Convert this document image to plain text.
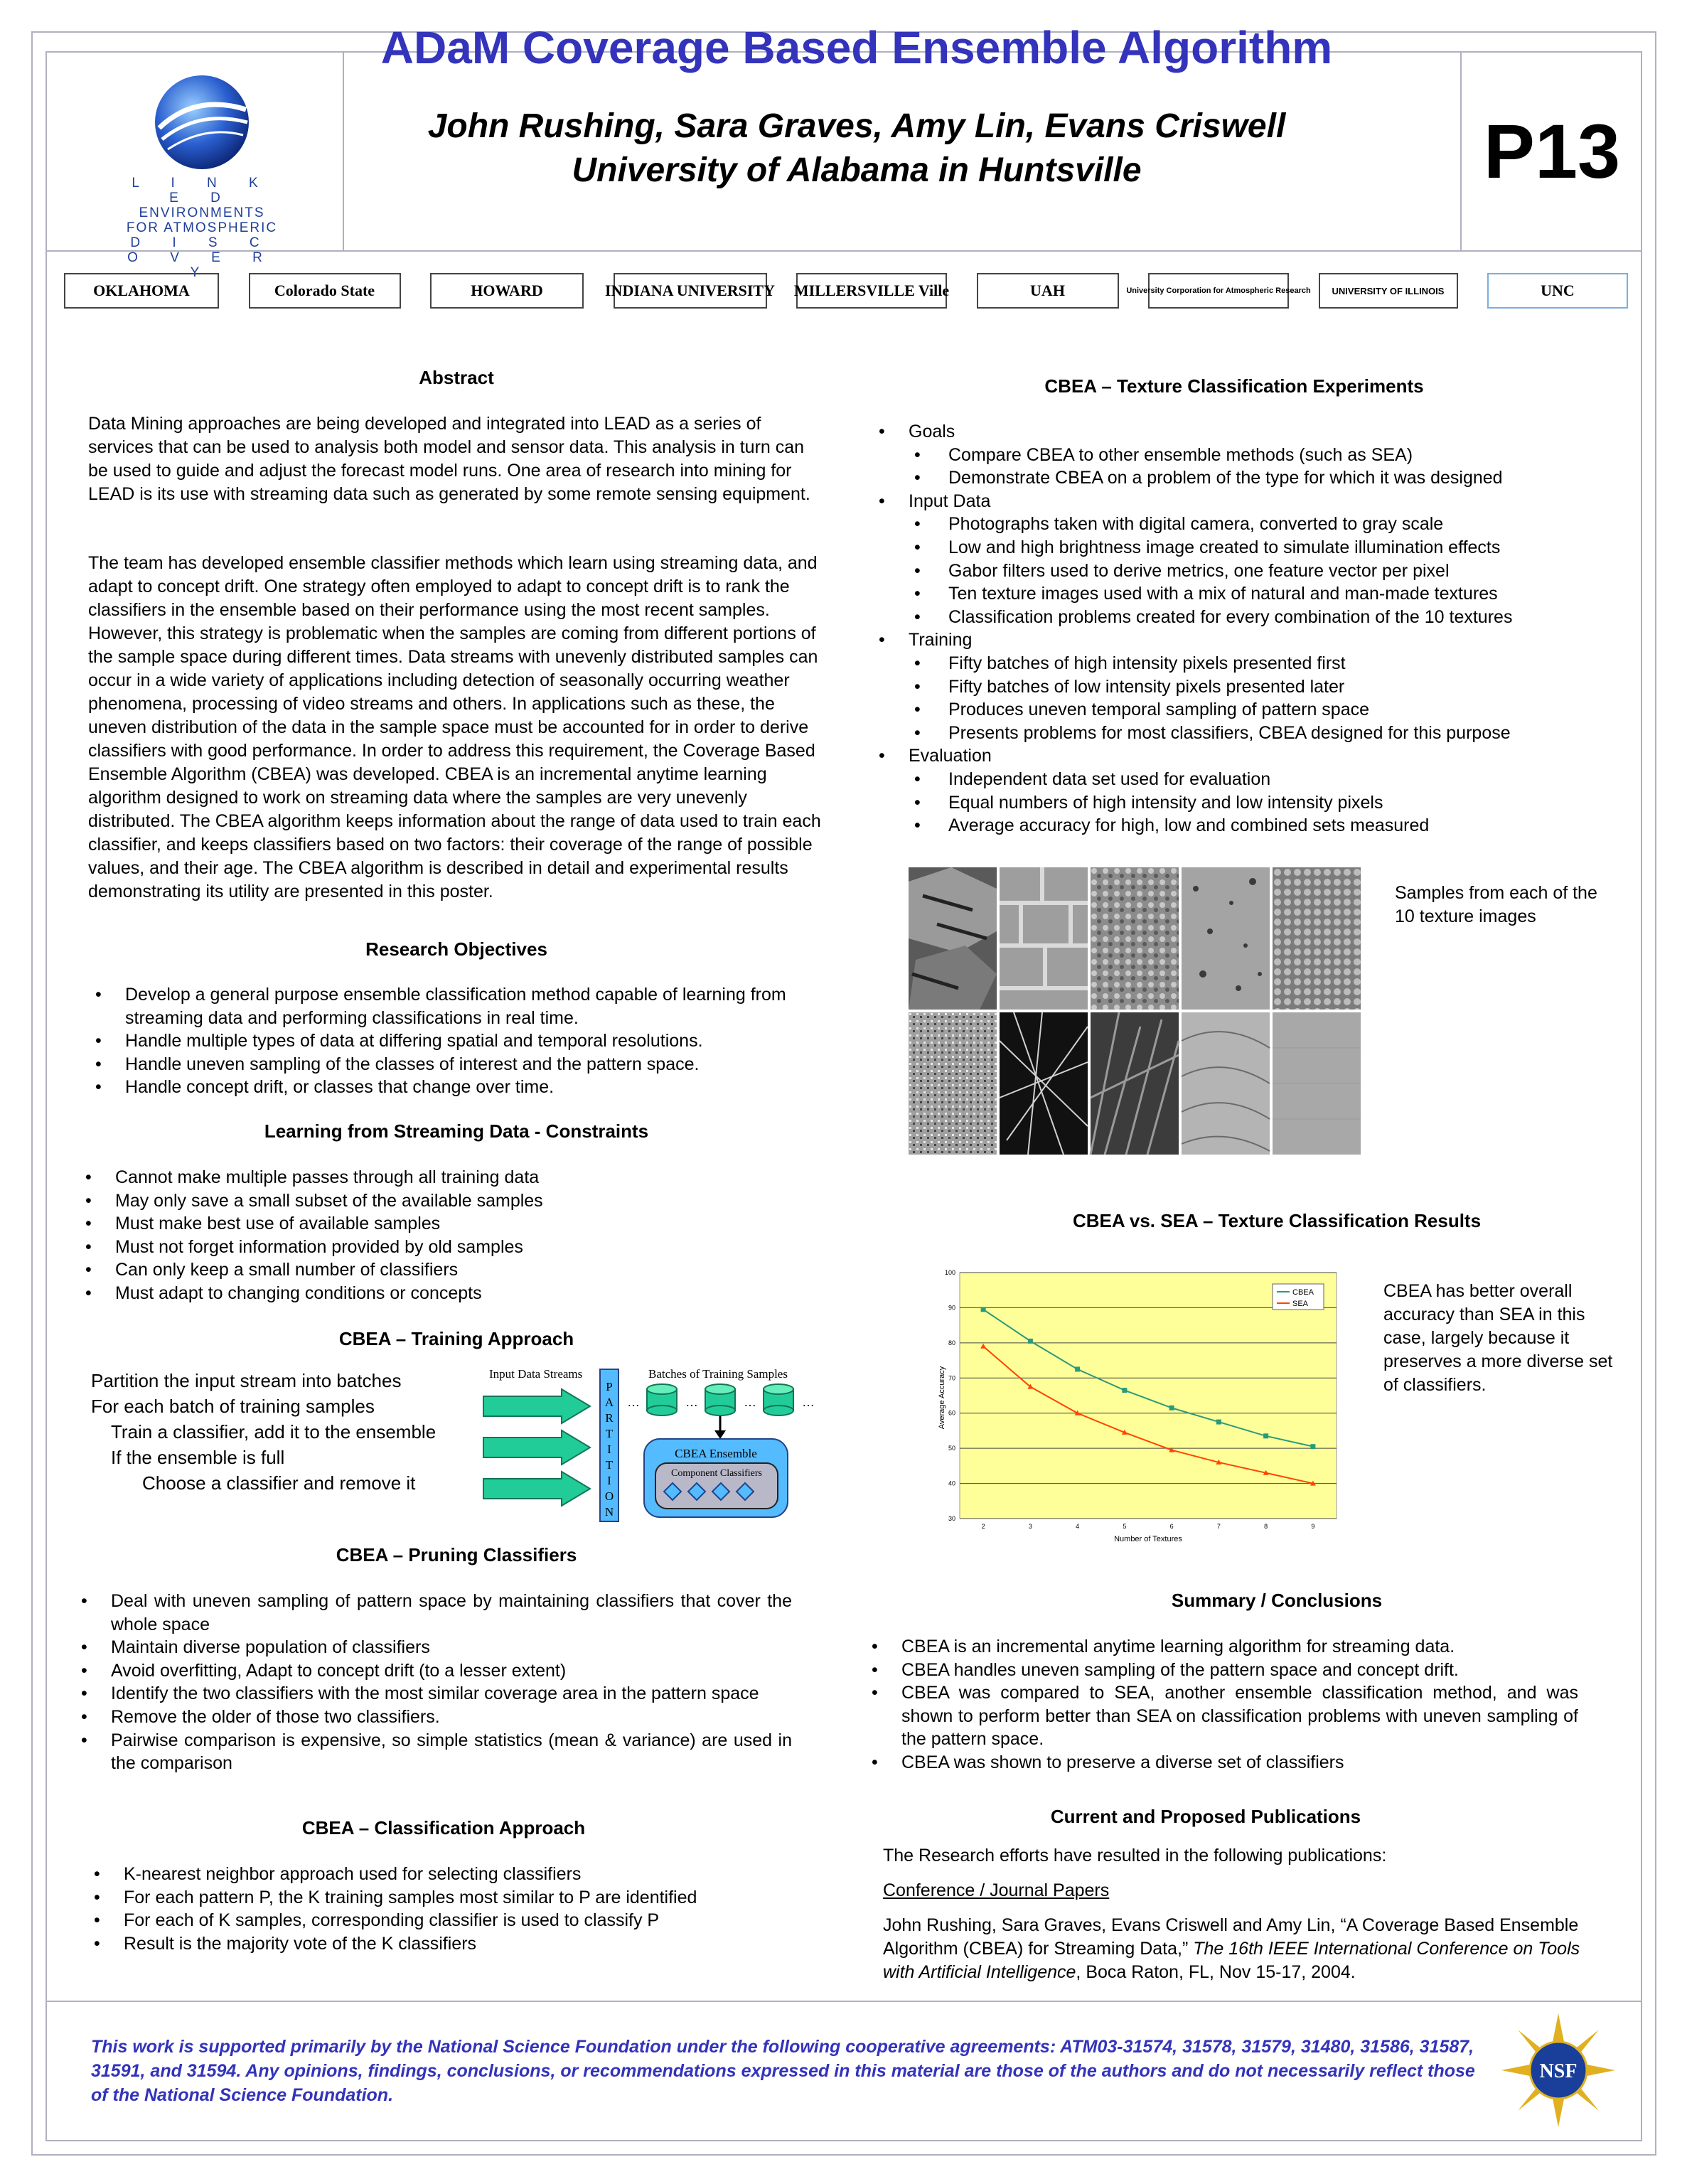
L I N K E D
ENVIRONMENTS
FOR ATMOSPHERIC
D I S C O V E R Y
P13
ADaM Coverage Based Ensemble Algorithm
John Rushing, Sara Graves, Amy Lin, Evans Criswell
University of Alabama in Huntsville
OKLAHOMA	Colorado State	HOWARD	INDIANA UNIVERSITY MILLERSVILLE Ville	UAH	University Corporation for Atmospheric Research	UNIVERSITY OF ILLINOIS	UNC
Abstract
Data Mining approaches are being developed and integrated into LEAD as a series of services that can be used to analysis both model and sensor data. This analysis in turn can be used to guide and adjust the forecast model runs. One area of research into mining for LEAD is its use with streaming data such as generated by some remote sensing equipment.
The team has developed ensemble classifier methods which learn using streaming data, and adapt to concept drift. One strategy often employed to adapt to concept drift is to rank the classifiers in the ensemble based on their performance using the most recent samples. However, this strategy is problematic when the samples are coming from different portions of the sample space during different times. Data streams with unevenly distributed samples can occur in a wide variety of applications including detection of seasonally occurring weather phenomena, processing of video streams and others. In applications such as these, the uneven distribution of the data in the sample space must be accounted for in order to derive classifiers with good performance. In order to address this requirement, the Coverage Based Ensemble Algorithm (CBEA) was developed. CBEA is an incremental anytime learning algorithm designed to work on streaming data where the samples are very unevenly distributed. The CBEA algorithm keeps information about the range of data used to train each classifier, and keeps classifiers based on two factors: their coverage of the range of possible values, and their age. The CBEA algorithm is described in detail and experimental results demonstrating its utility are presented in this poster.
Research Objectives
• Develop a general purpose ensemble classification method capable of learning from streaming data and performing classifications in real time.
• Handle multiple types of data at differing spatial and temporal resolutions.
• Handle uneven sampling of the classes of interest and the pattern space.
• Handle concept drift, or classes that change over time.
Learning from Streaming Data - Constraints
• Cannot make multiple passes through all training data
• May only save a small subset of the available samples
• Must make best use of available samples
• Must not forget information provided by old samples
• Can only keep a small number of classifiers
• Must adapt to changing conditions or concepts
CBEA – Training Approach
Partition the input stream into batches
For each batch of training samples
Train a classifier, add it to the ensemble
If the ensemble is full
Choose a classifier and remove it
Input Data Streams	Batches of Training Samples
P
A
R
T
I
T
I
O
N
…	…	…	…
CBEA Ensemble
Component Classifiers
CBEA – Pruning Classifiers
• Deal with uneven sampling of pattern space by maintaining classifiers that cover the whole space
• Maintain diverse population of classifiers
• Avoid overfitting, Adapt to concept drift (to a lesser extent)
• Identify the two classifiers with the most similar coverage area in the pattern space
• Remove the older of those two classifiers.
• Pairwise comparison is expensive, so simple statistics (mean & variance) are used in the comparison
CBEA – Classification Approach
• K-nearest neighbor approach used for selecting classifiers
• For each pattern P, the K training samples most similar to P are identified
• For each of K samples, corresponding classifier is used to classify P
• Result is the majority vote of the K classifiers
CBEA – Texture Classification Experiments
• Goals
• Compare CBEA to other ensemble methods (such as SEA)
• Demonstrate CBEA on a problem of the type for which it was designed
• Input Data
• Photographs taken with digital camera, converted to gray scale
• Low and high brightness image created to simulate illumination effects
• Gabor filters used to derive metrics, one feature vector per pixel
• Ten texture images used with a mix of natural and man-made textures
• Classification problems created for every combination of the 10 textures
• Training
• Fifty batches of high intensity pixels presented first
• Fifty batches of low intensity pixels presented later
• Produces uneven temporal sampling of pattern space
• Presents problems for most classifiers, CBEA designed for this purpose
• Evaluation
• Independent data set used for evaluation
• Equal numbers of high intensity and low intensity pixels
• Average accuracy for high, low and combined sets measured
Samples from each of the 10 texture images
CBEA vs. SEA – Texture Classification Results
30
40
50
60
70
80
90
100
2	3	4	5	6	7	8	9
Average Accuracy
Number of Textures
CBEA
SEA
CBEA has better overall accuracy than SEA in this case, largely because it preserves a more diverse set of classifiers.
Summary / Conclusions
• CBEA is an incremental anytime learning algorithm for streaming data.
• CBEA handles uneven sampling of the pattern space and concept drift.
• CBEA was compared to SEA, another ensemble classification method, and was shown to perform better than SEA on classification problems with uneven sampling of the pattern space.
• CBEA was shown to preserve a diverse set of classifiers
Current and Proposed Publications
The Research efforts have resulted in the following publications:
Conference / Journal Papers
John Rushing, Sara Graves, Evans Criswell and Amy Lin, “A Coverage Based Ensemble Algorithm (CBEA) for Streaming Data,” The 16th IEEE International Conference on Tools with Artificial Intelligence, Boca Raton, FL, Nov 15-17, 2004.
This work is supported primarily by the National Science Foundation under the following cooperative agreements: ATM03-31574, 31578, 31579, 31480, 31586, 31587, 31591, and 31594. Any opinions, findings, conclusions, or recommendations expressed in this material are those of the authors and do not necessarily reflect those of the National Science Foundation.
NSF
